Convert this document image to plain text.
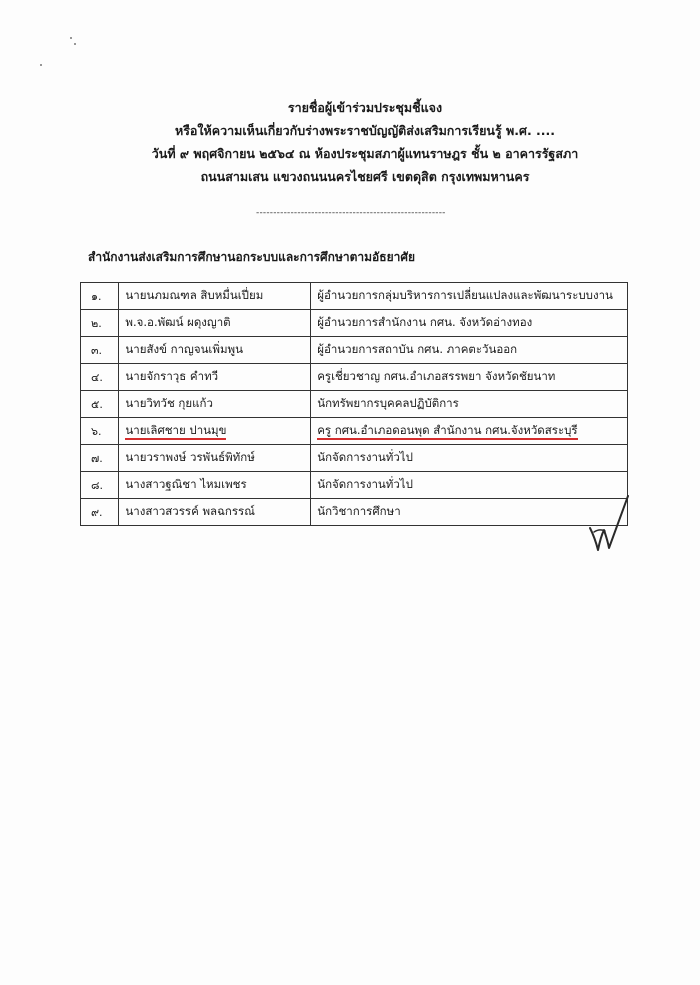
รายชื่อผู้เข้าร่วมประชุมชี้แจง
หรือให้ความเห็นเกี่ยวกับร่างพระราชบัญญัติส่งเสริมการเรียนรู้ พ.ศ. ....
วันที่ ๙ พฤศจิกายน ๒๕๖๔ ณ ห้องประชุมสภาผู้แทนราษฎร ชั้น ๒ อาคารรัฐสภา
ถนนสามเสน แขวงถนนนครไชยศรี เขตดุสิต กรุงเทพมหานคร
-------------------------------------------------------
สำนักงานส่งเสริมการศึกษานอกระบบและการศึกษาตามอัธยาศัย
๑.	นายนภมณฑล สิบหมื่นเปี่ยม	ผู้อำนวยการกลุ่มบริหารการเปลี่ยนแปลงและพัฒนาระบบงาน
๒.	พ.จ.อ.พัฒน์ ผดุงญาติ	ผู้อำนวยการสำนักงาน กศน. จังหวัดอ่างทอง
๓.	นายสังข์ กาญจนเพิ่มพูน	ผู้อำนวยการสถาบัน กศน. ภาคตะวันออก
๔.	นายจักราวุธ คำทวี	ครูเชี่ยวชาญ กศน.อำเภอสรรพยา จังหวัดชัยนาท
๕.	นายวิทวัช กุยแก้ว	นักทรัพยากรบุคคลปฏิบัติการ
๖.	นายเลิศชาย ปานมุข	ครู กศน.อำเภอดอนพุด สำนักงาน กศน.จังหวัดสระบุรี
๗.	นายวราพงษ์ วรพันธ์พิทักษ์	นักจัดการงานทั่วไป
๘.	นางสาวฐณิชา ไหมเพชร	นักจัดการงานทั่วไป
๙.	นางสาวสวรรค์ พลฉกรรณ์	นักวิชาการศึกษา
